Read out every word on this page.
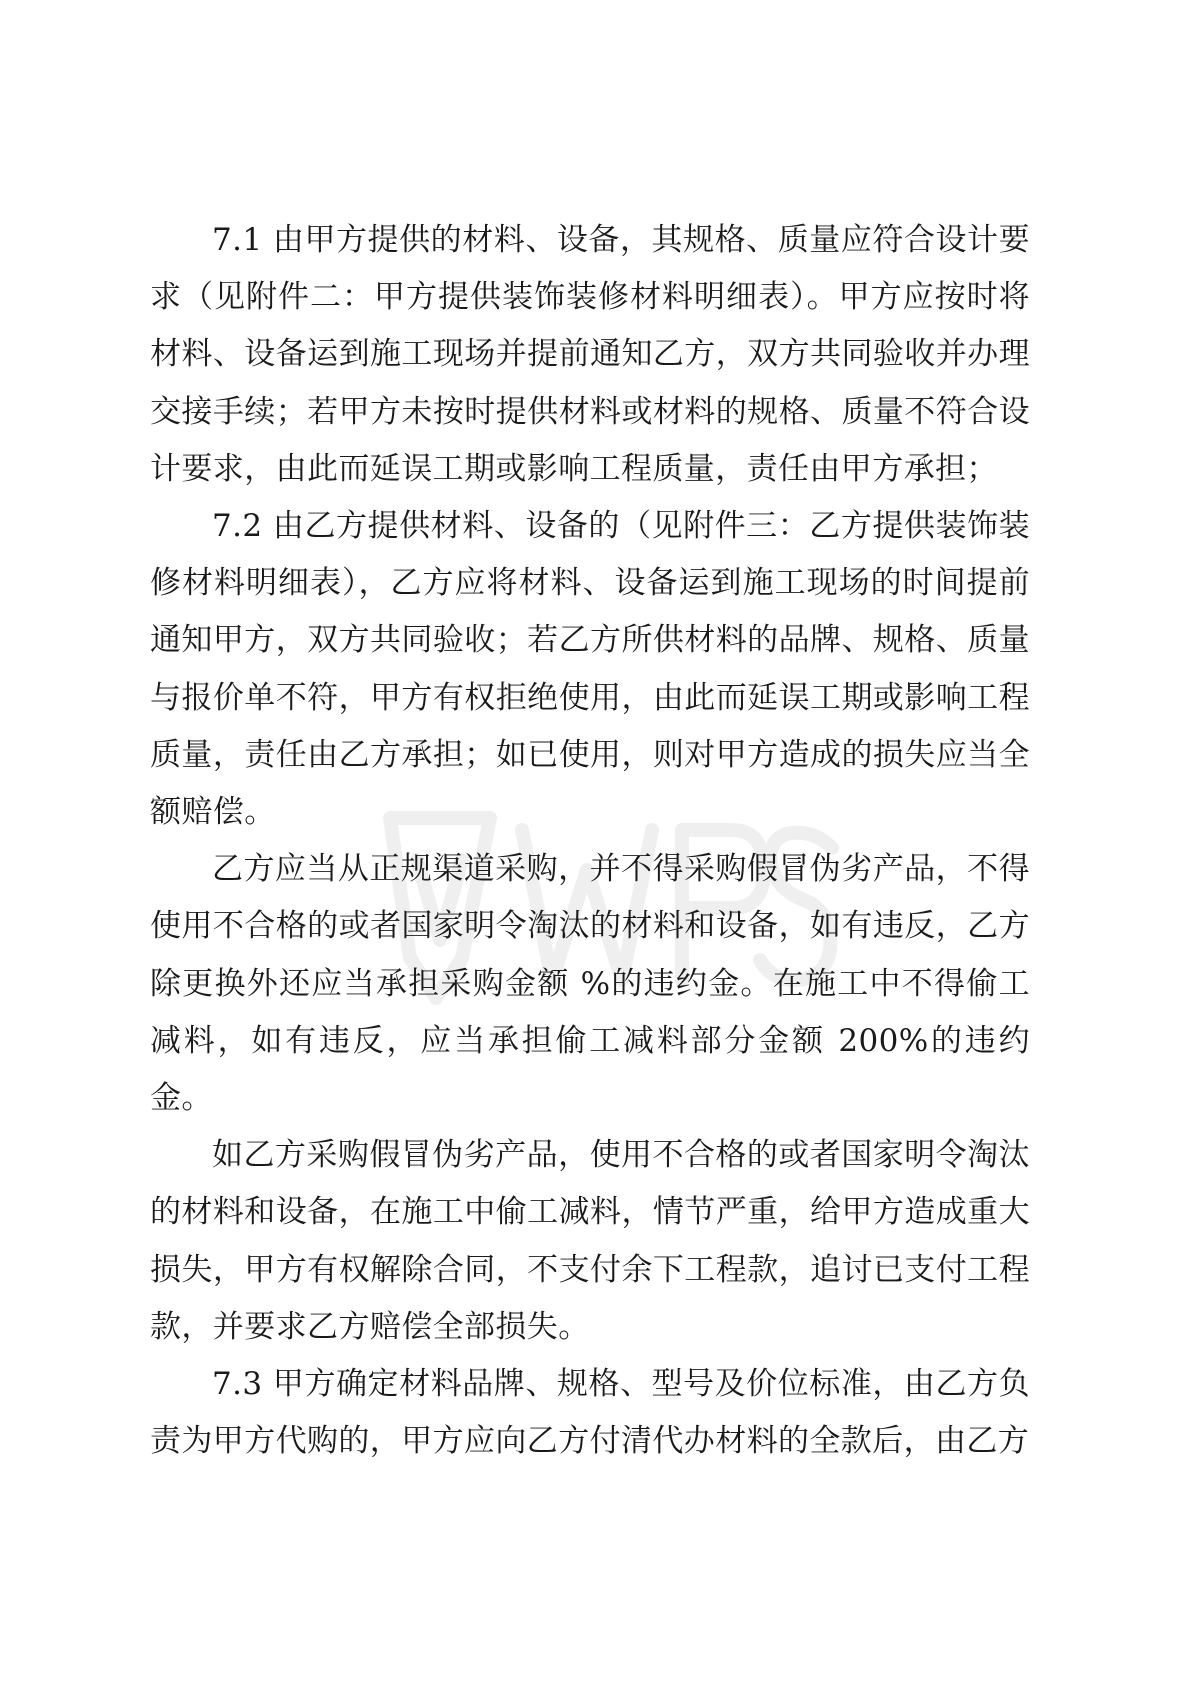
7.1 由甲方提供的材料、设备，其规格、质量应符合设计要求（见附件二：甲方提供装饰装修材料明细表）。甲方应按时将材料、设备运到施工现场并提前通知乙方，双方共同验收并办理交接手续；若甲方未按时提供材料或材料的规格、质量不符合设计要求，由此而延误工期或影响工程质量，责任由甲方承担；

7.2 由乙方提供材料、设备的（见附件三：乙方提供装饰装修材料明细表），乙方应将材料、设备运到施工现场的时间提前通知甲方，双方共同验收；若乙方所供材料的品牌、规格、质量与报价单不符，甲方有权拒绝使用，由此而延误工期或影响工程质量，责任由乙方承担；如已使用，则对甲方造成的损失应当全额赔偿。

乙方应当从正规渠道采购，并不得采购假冒伪劣产品，不得使用不合格的或者国家明令淘汰的材料和设备，如有违反，乙方除更换外还应当承担采购金额 %的违约金。在施工中不得偷工减料，如有违反，应当承担偷工减料部分金额 200%的违约金。

如乙方采购假冒伪劣产品，使用不合格的或者国家明令淘汰的材料和设备，在施工中偷工减料，情节严重，给甲方造成重大损失，甲方有权解除合同，不支付余下工程款，追讨已支付工程款，并要求乙方赔偿全部损失。

7.3 甲方确定材料品牌、规格、型号及价位标准，由乙方负责为甲方代购的，甲方应向乙方付清代办材料的全款后，由乙方
